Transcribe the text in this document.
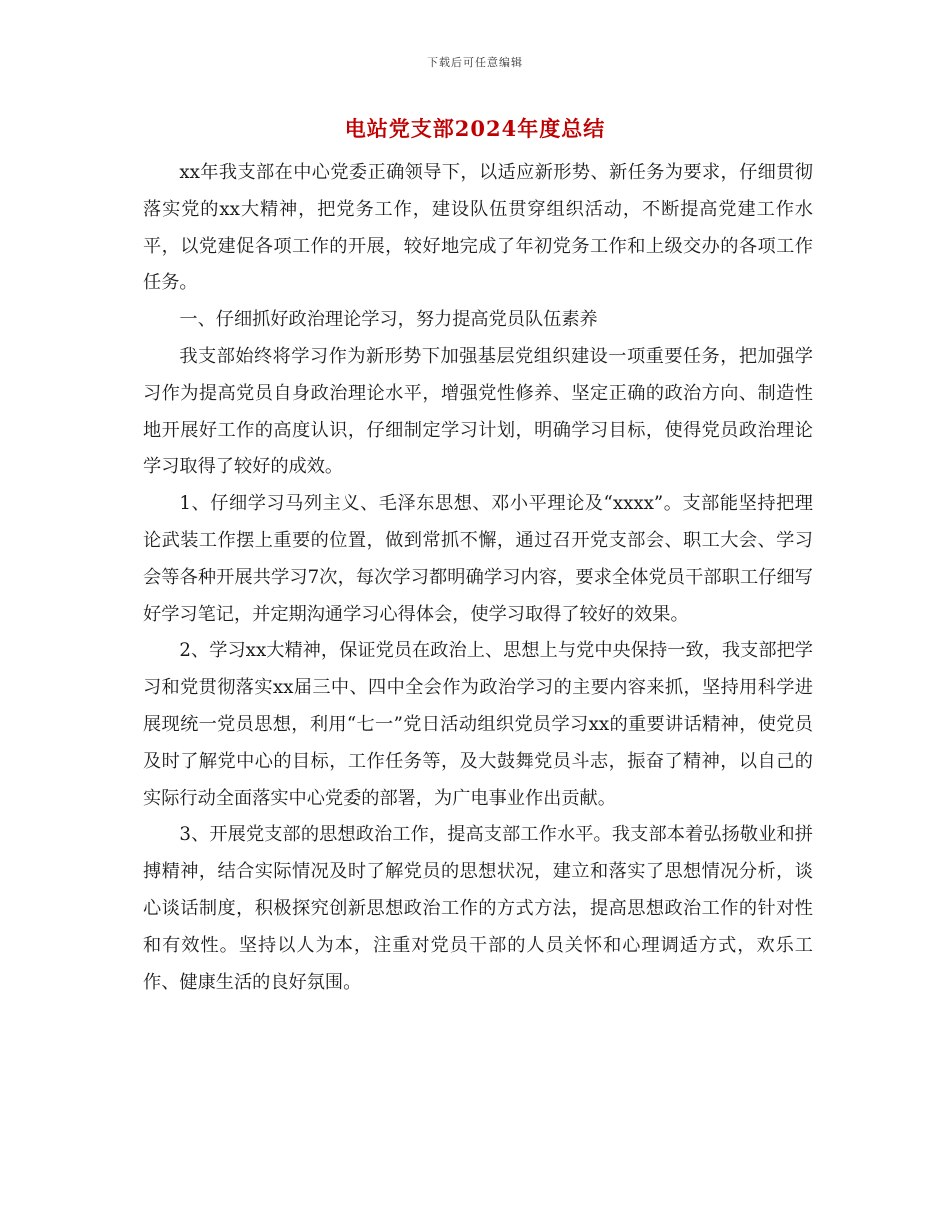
下载后可任意编辑
电站党支部2024年度总结

xx年我支部在中心党委正确领导下，以适应新形势、新任务为要求，仔细贯彻落实党的xx大精神，把党务工作，建设队伍贯穿组织活动，不断提高党建工作水平，以党建促各项工作的开展，较好地完成了年初党务工作和上级交办的各项工作任务。

一、仔细抓好政治理论学习，努力提高党员队伍素养

我支部始终将学习作为新形势下加强基层党组织建设一项重要任务，把加强学习作为提高党员自身政治理论水平，增强党性修养、坚定正确的政治方向、制造性地开展好工作的高度认识，仔细制定学习计划，明确学习目标，使得党员政治理论学习取得了较好的成效。

1、仔细学习马列主义、毛泽东思想、邓小平理论及“xxxx”。支部能坚持把理论武装工作摆上重要的位置，做到常抓不懈，通过召开党支部会、职工大会、学习会等各种开展共学习7次，每次学习都明确学习内容，要求全体党员干部职工仔细写好学习笔记，并定期沟通学习心得体会，使学习取得了较好的效果。

2、学习xx大精神，保证党员在政治上、思想上与党中央保持一致，我支部把学习和党贯彻落实xx届三中、四中全会作为政治学习的主要内容来抓，坚持用科学进展现统一党员思想，利用“七一”党日活动组织党员学习xx的重要讲话精神，使党员及时了解党中心的目标，工作任务等，及大鼓舞党员斗志，振奋了精神，以自己的实际行动全面落实中心党委的部署，为广电事业作出贡献。

3、开展党支部的思想政治工作，提高支部工作水平。我支部本着弘扬敬业和拼搏精神，结合实际情况及时了解党员的思想状况，建立和落实了思想情况分析，谈心谈话制度，积极探究创新思想政治工作的方式方法，提高思想政治工作的针对性和有效性。坚持以人为本，注重对党员干部的人员关怀和心理调适方式，欢乐工作、健康生活的良好氛围。
